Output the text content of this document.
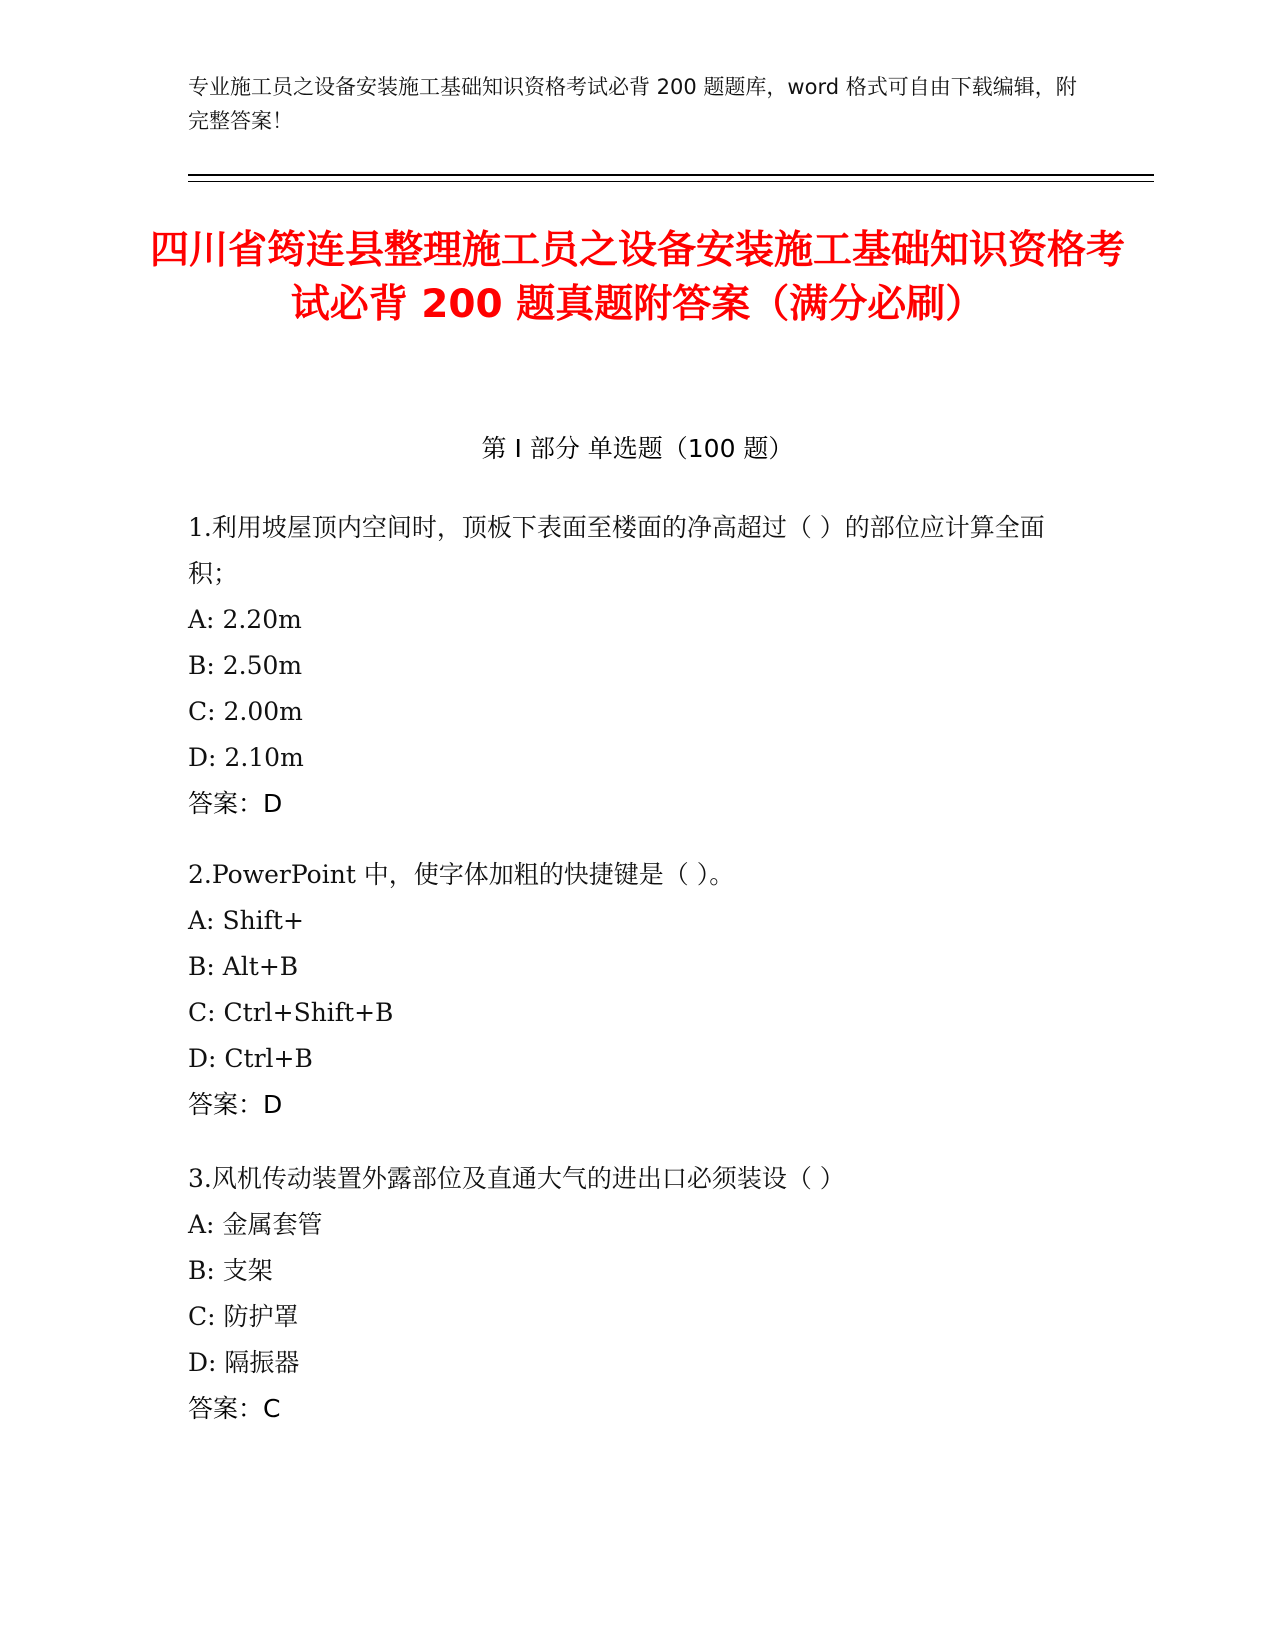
专业施工员之设备安装施工基础知识资格考试必背 200 题题库，word 格式可自由下载编辑，附完整答案！
四川省筠连县整理施工员之设备安装施工基础知识资格考试必背 200 题真题附答案（满分必刷）
第 I 部分 单选题（100 题）

1.利用坡屋顶内空间时，顶板下表面至楼面的净高超过（ ）的部位应计算全面积；

A: 2.20m

B: 2.50m

C: 2.00m

D: 2.10m

答案：D

2.PowerPoint 中，使字体加粗的快捷键是（ ）。

A: Shift+

B: Alt+B

C: Ctrl+Shift+B

D: Ctrl+B

答案：D

3.风机传动装置外露部位及直通大气的进出口必须装设（ ）

A: 金属套管

B: 支架

C: 防护罩

D: 隔振器

答案：C
